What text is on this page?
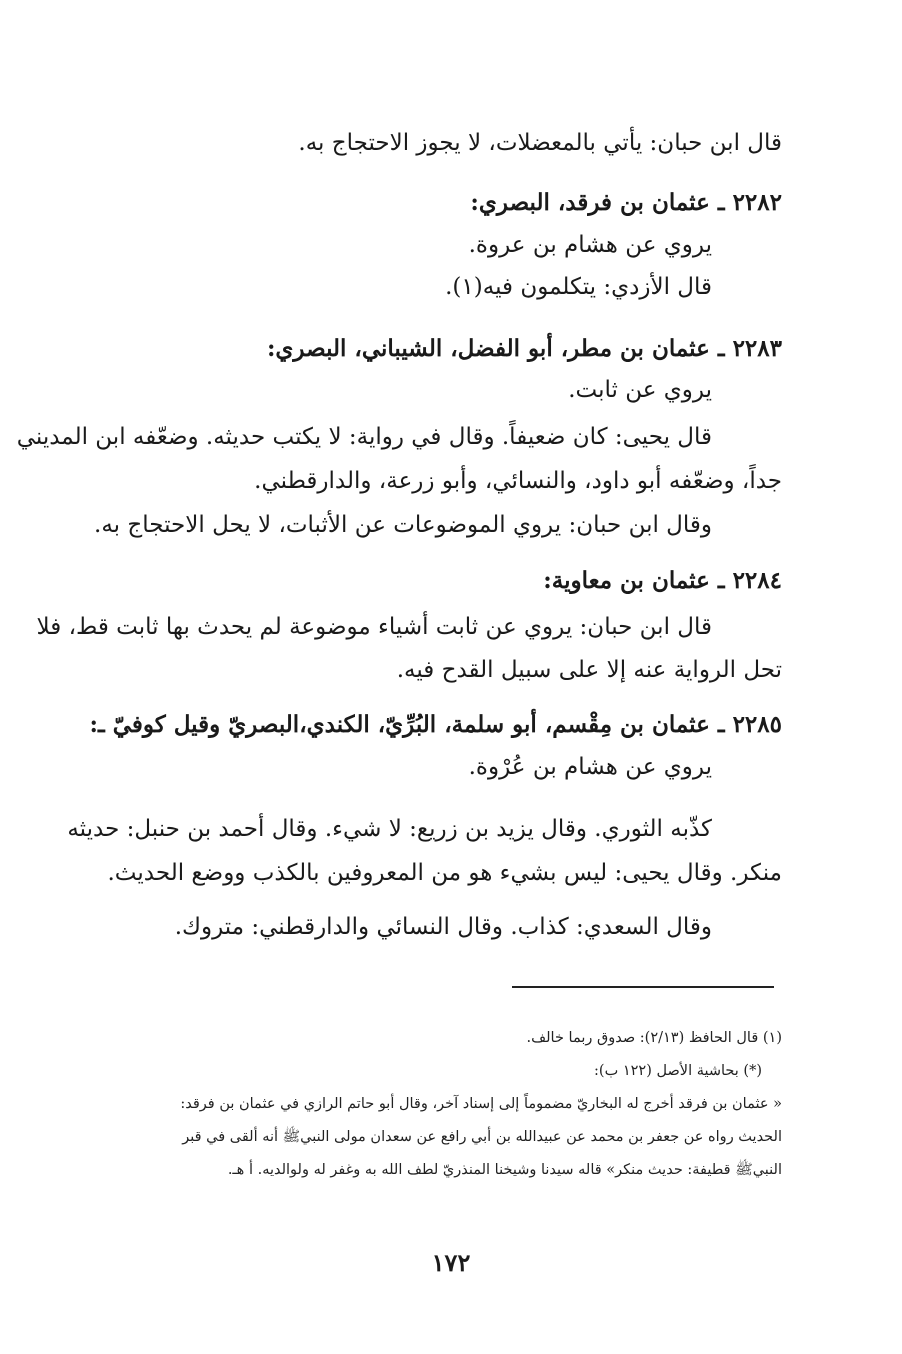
قال ابن حبان: يأتي بالمعضلات، لا يجوز الاحتجاج به.
٢٢٨٢ ـ عثمان بن فرقد، البصري:
يروي عن هشام بن عروة.
قال الأزدي: يتكلمون فيه(١).
٢٢٨٣ ـ عثمان بن مطر، أبو الفضل، الشيباني، البصري:
يروي عن ثابت.
قال يحيى: كان ضعيفاً. وقال في رواية: لا يكتب حديثه. وضعّفه ابن المديني
جداً، وضعّفه أبو داود، والنسائي، وأبو زرعة، والدارقطني.
وقال ابن حبان: يروي الموضوعات عن الأثبات، لا يحل الاحتجاج به.
٢٢٨٤ ـ عثمان بن معاوية:
قال ابن حبان: يروي عن ثابت أشياء موضوعة لم يحدث بها ثابت قط، فلا
تحل الرواية عنه إلا على سبيل القدح فيه.
٢٢٨٥ ـ عثمان بن مِقْسم، أبو سلمة، البُرِّيّ، الكندي،البصريّ وقيل كوفيّ ـ:
يروي عن هشام بن عُرْوة.
كذّبه الثوري. وقال يزيد بن زريع: لا شيء. وقال أحمد بن حنبل: حديثه
منكر. وقال يحيى: ليس بشيء هو من المعروفين بالكذب ووضع الحديث.
وقال السعدي: كذاب. وقال النسائي والدارقطني: متروك.
(١) قال الحافظ (٢/١٣): صدوق ربما خالف.
(*) بحاشية الأصل (١٢٢ ب):
« عثمان بن فرقد أخرج له البخاريّ مضموماً إلى إسناد آخر، وقال أبو حاتم الرازي في عثمان بن فرقد:
الحديث رواه عن جعفر بن محمد عن عبيدالله بن أبي رافع عن سعدان مولى النبيﷺ أنه ألقى في قبر
النبيﷺ قطيفة: حديث منكر» قاله سيدنا وشيخنا المنذريّ لطف الله به وغفر له ولوالديه. أ هـ.
١٧٢
